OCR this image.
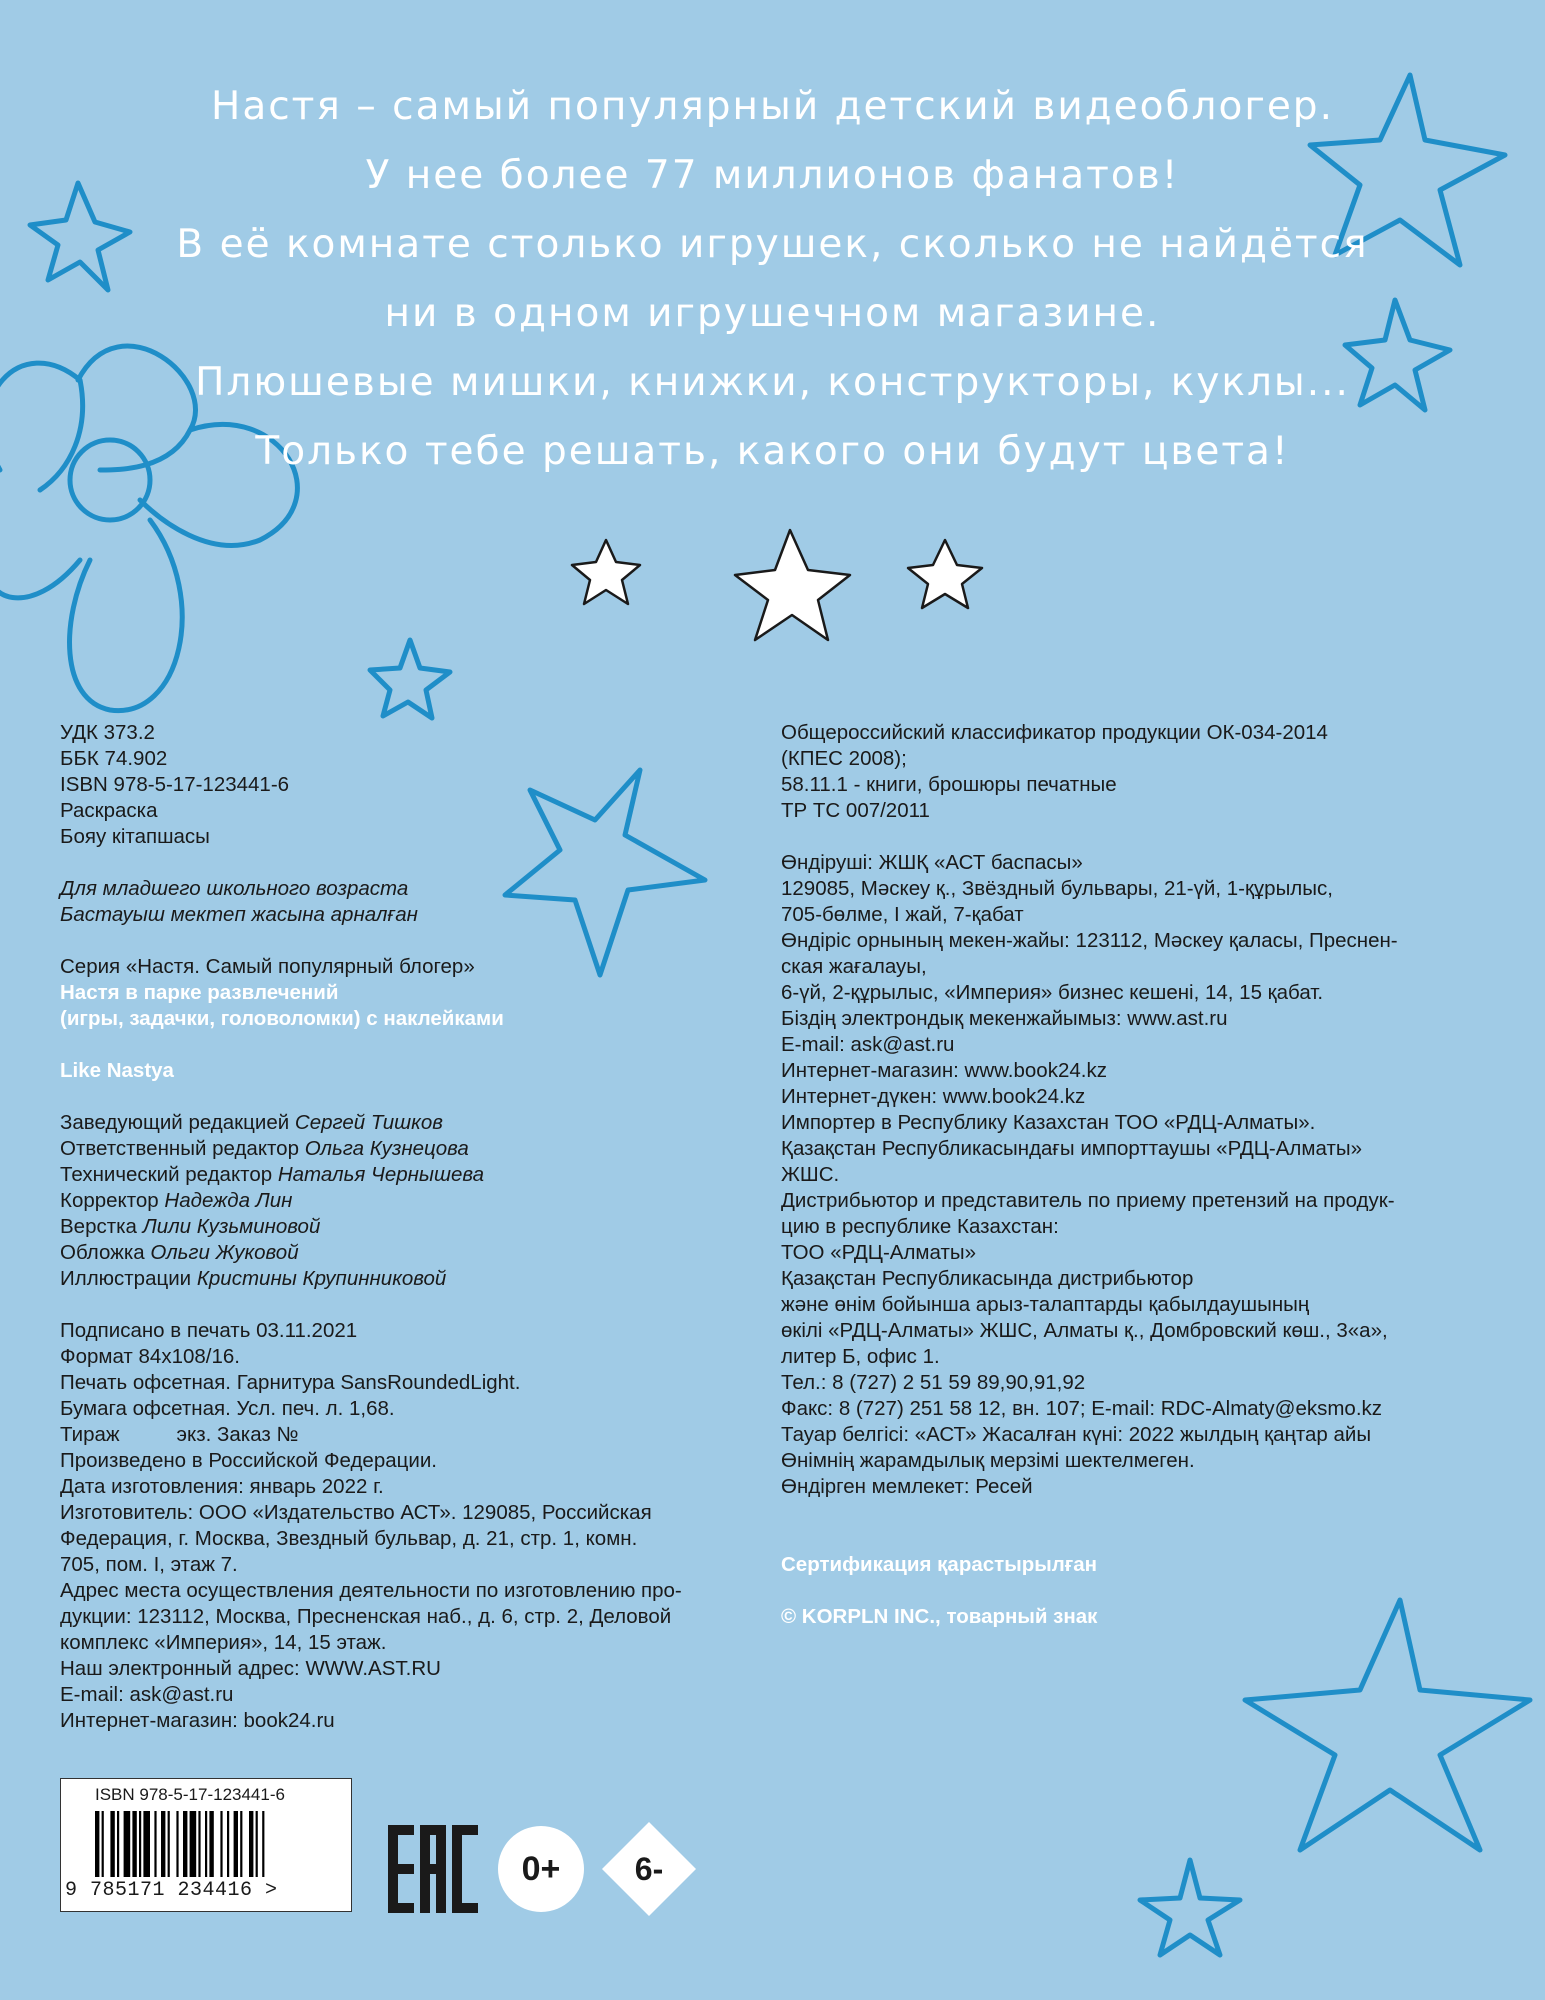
Настя – самый популярный детский видеоблогер.
У нее более 77 миллионов фанатов!
В её комнате столько игрушек, сколько не найдётся
ни в одном игрушечном магазине.
Плюшевые мишки, книжки, конструкторы, куклы...
Только тебе решать, какого они будут цвета!
УДК 373.2
ББК 74.902
ISBN 978-5-17-123441-6
Раскраска
Бояу кітапшасы
Для младшего школьного возраста
Бастауыш мектеп жасына арналған
Серия «Настя. Самый популярный блогер»
Настя в парке развлечений
(игры, задачки, головоломки) с наклейками
Like Nastya
Заведующий редакцией Сергей Тишков
Ответственный редактор Ольга Кузнецова
Технический редактор Наталья Чернышева
Корректор Надежда Лин
Верстка Лили Кузьминовой
Обложка Ольги Жуковой
Иллюстрации Кристины Крупинниковой
Подписано в печать 03.11.2021
Формат 84x108/16.
Печать офсетная. Гарнитура SansRoundedLight.
Бумага офсетная. Усл. печ. л. 1,68.
Тираж          экз. Заказ №
Произведено в Российской Федерации.
Дата изготовления: январь 2022 г.
Изготовитель: ООО «Издательство АСТ». 129085, Российская
Федерация, г. Москва, Звездный бульвар, д. 21, стр. 1, комн.
705, пом. I, этаж 7.
Адрес места осуществления деятельности по изготовлению про-
дукции: 123112, Москва, Пресненская наб., д. 6, стр. 2, Деловой
комплекс «Империя», 14, 15 этаж.
Наш электронный адрес: WWW.AST.RU
E-mail: ask@ast.ru
Интернет-магазин: book24.ru
Общероссийский классификатор продукции ОК-034-2014
(КПЕС 2008);
58.11.1 - книги, брошюры печатные
ТР ТС 007/2011
Өндіруші: ЖШҚ «АСТ баспасы»
129085, Мәскеу қ., Звёздный бульвары, 21-үй, 1-құрылыс,
705-бөлме, I жай, 7-қабат
Өндіріс орнының мекен-жайы: 123112, Мәскеу қаласы, Преснен-
ская жағалауы,
6-үй, 2-құрылыс, «Империя» бизнес кешені, 14, 15 қабат.
Біздің электрондық мекенжайымыз: www.ast.ru
E-mail: ask@ast.ru
Интернет-магазин: www.book24.kz
Интернет-дүкен: www.book24.kz
Импортер в Республику Казахстан ТОО «РДЦ-Алматы».
Қазақстан Республикасындағы импорттаушы «РДЦ-Алматы»
ЖШС.
Дистрибьютор и представитель по приему претензий на продук-
цию в республике Казахстан:
ТОО «РДЦ-Алматы»
Қазақстан Республикасында дистрибьютор
және өнім бойынша арыз-талаптарды қабылдаушының
өкілі «РДЦ-Алматы» ЖШС, Алматы қ., Домбровский көш., 3«а»,
литер Б, офис 1.
Тел.: 8 (727) 2 51 59 89,90,91,92
Факс: 8 (727) 251 58 12, вн. 107; E-mail: RDC-Almaty@eksmo.kz
Тауар белгісі: «АСТ» Жасалған күні: 2022 жылдың қаңтар айы
Өнімнің жарамдылық мерзімі шектелмеген.
Өндірген мемлекет: Ресей
Сертификация қарастырылған
© KORPLN INC., товарный знак
ISBN 978-5-17-123441-6
9 785171 234416 >
0+	6-
